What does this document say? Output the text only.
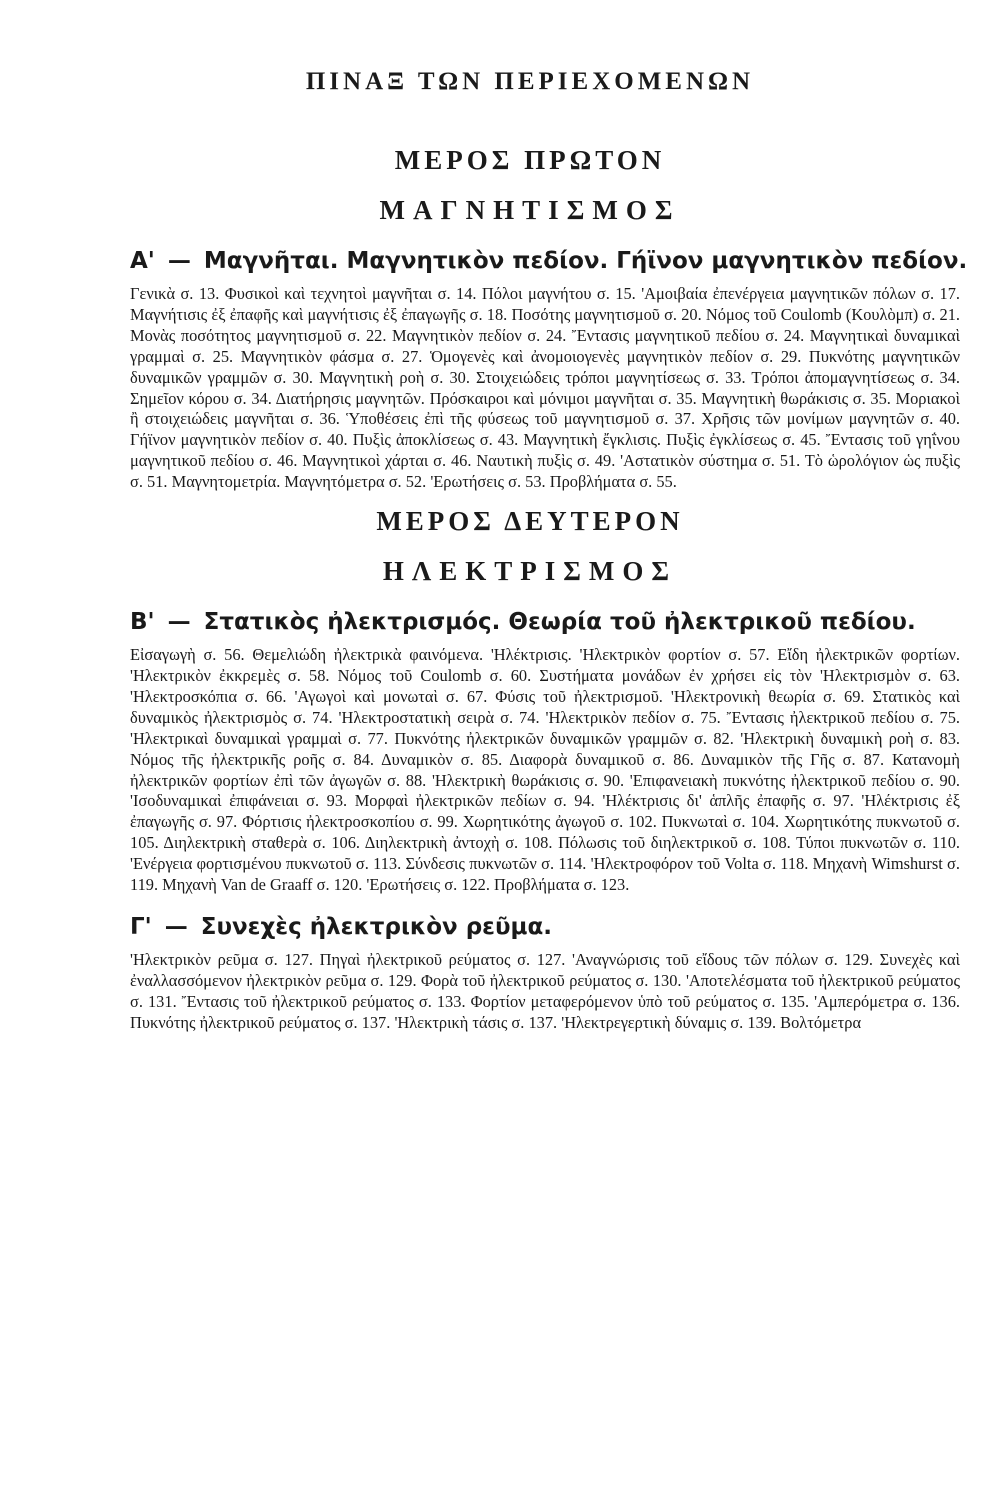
ΠΙΝΑΞ ΤΩΝ ΠΕΡΙΕΧΟΜΕΝΩΝ
ΜΕΡΟΣ ΠΡΩΤΟΝ
ΜΑΓΝΗΤΙΣΜΟΣ
Α' — Μαγνῆται. Μαγνητικὸν πεδίον. Γήϊνον μαγνητικὸν πεδίον.

Γενικὰ σ. 13. Φυσικοὶ καὶ τεχνητοὶ μαγνῆται σ. 14. Πόλοι μαγνήτου σ. 15. 'Αμοιβαία ἐπενέργεια μαγνητικῶν πόλων σ. 17. Μαγνήτισις ἐξ ἐπαφῆς καὶ μαγνήτισις ἐξ ἐπαγωγῆς σ. 18. Ποσότης μαγνητισμοῦ σ. 20. Νόμος τοῦ Coulomb (Κουλὸμπ) σ. 21. Μονὰς ποσότητος μαγνητισμοῦ σ. 22. Μαγνητικὸν πεδίον σ. 24. Ἔντασις μαγνητικοῦ πεδίου σ. 24. Μαγνητικαὶ δυναμικαὶ γραμμαὶ σ. 25. Μαγνητικὸν φάσμα σ. 27. Ὁμογενὲς καὶ ἀνομοιογενὲς μαγνητικὸν πεδίον σ. 29. Πυκνότης μαγνητικῶν δυναμικῶν γραμμῶν σ. 30. Μαγνητικὴ ροὴ σ. 30. Στοιχειώδεις τρόποι μαγνητίσεως σ. 33. Τρόποι ἀπομαγνητίσεως σ. 34. Σημεῖον κόρου σ. 34. Διατήρησις μαγνητῶν. Πρόσκαιροι καὶ μόνιμοι μαγνῆται σ. 35. Μαγνητικὴ θωράκισις σ. 35. Μοριακοὶ ἢ στοιχειώδεις μαγνῆται σ. 36. Ὑποθέσεις ἐπὶ τῆς φύσεως τοῦ μαγνητισμοῦ σ. 37. Χρῆσις τῶν μονίμων μαγνητῶν σ. 40. Γήϊνον μαγνητικὸν πεδίον σ. 40. Πυξὶς ἀποκλίσεως σ. 43. Μαγνητικὴ ἔγκλισις. Πυξὶς ἐγκλίσεως σ. 45. Ἔντασις τοῦ γηΐνου μαγνητικοῦ πεδίου σ. 46. Μαγνητικοὶ χάρται σ. 46. Ναυτικὴ πυξὶς σ. 49. 'Αστατικὸν σύστημα σ. 51. Τὸ ὡρολόγιον ὡς πυξὶς σ. 51. Μαγνητομετρία. Μαγνητόμετρα σ. 52. 'Ερωτήσεις σ. 53. Προβλήματα σ. 55.

ΜΕΡΟΣ ΔΕΥΤΕΡΟΝ
ΗΛΕΚΤΡΙΣΜΟΣ
Β' — Στατικὸς ἠλεκτρισμός. Θεωρία τοῦ ἠλεκτρικοῦ πεδίου.

Εἰσαγωγὴ σ. 56. Θεμελιώδη ἠλεκτρικὰ φαινόμενα. 'Ηλέκτρισις. 'Ηλεκτρικὸν φορτίον σ. 57. Εἴδη ἠλεκτρικῶν φορτίων. 'Ηλεκτρικὸν ἐκκρεμὲς σ. 58. Νόμος τοῦ Coulomb σ. 60. Συστήματα μονάδων ἐν χρήσει εἰς τὸν 'Ηλεκτρισμὸν σ. 63. 'Ηλεκτροσκόπια σ. 66. 'Αγωγοὶ καὶ μονωταὶ σ. 67. Φύσις τοῦ ἠλεκτρισμοῦ. 'Ηλεκτρονικὴ θεωρία σ. 69. Στατικὸς καὶ δυναμικὸς ἠλεκτρισμὸς σ. 74. 'Ηλεκτροστατικὴ σειρὰ σ. 74. 'Ηλεκτρικὸν πεδίον σ. 75. Ἔντασις ἠλεκτρικοῦ πεδίου σ. 75. 'Ηλεκτρικαὶ δυναμικαὶ γραμμαὶ σ. 77. Πυκνότης ἠλεκτρικῶν δυναμικῶν γραμμῶν σ. 82. 'Ηλεκτρικὴ δυναμικὴ ροὴ σ. 83. Νόμος τῆς ἠλεκτρικῆς ροῆς σ. 84. Δυναμικὸν σ. 85. Διαφορὰ δυναμικοῦ σ. 86. Δυναμικὸν τῆς Γῆς σ. 87. Κατανομὴ ἠλεκτρικῶν φορτίων ἐπὶ τῶν ἀγωγῶν σ. 88. 'Ηλεκτρικὴ θωράκισις σ. 90. 'Επιφανειακὴ πυκνότης ἠλεκτρικοῦ πεδίου σ. 90. 'Ισοδυναμικαὶ ἐπιφάνειαι σ. 93. Μορφαὶ ἠλεκτρικῶν πεδίων σ. 94. 'Ηλέκτρισις δι' ἁπλῆς ἐπαφῆς σ. 97. 'Ηλέκτρισις ἐξ ἐπαγωγῆς σ. 97. Φόρτισις ἠλεκτροσκοπίου σ. 99. Χωρητικότης ἀγωγοῦ σ. 102. Πυκνωταὶ σ. 104. Χωρητικότης πυκνωτοῦ σ. 105. Διηλεκτρικὴ σταθερὰ σ. 106. Διηλεκτρικὴ ἀντοχὴ σ. 108. Πόλωσις τοῦ διηλεκτρικοῦ σ. 108. Τύποι πυκνωτῶν σ. 110. 'Ενέργεια φορτισμένου πυκνωτοῦ σ. 113. Σύνδεσις πυκνωτῶν σ. 114. 'Ηλεκτροφόρον τοῦ Volta σ. 118. Μηχανὴ Wimshurst σ. 119. Μηχανὴ Van de Graaff σ. 120. 'Ερωτήσεις σ. 122. Προβλήματα σ. 123.

Γ' — Συνεχὲς ἠλεκτρικὸν ρεῦμα.

'Ηλεκτρικὸν ρεῦμα σ. 127. Πηγαὶ ἠλεκτρικοῦ ρεύματος σ. 127. 'Αναγνώρισις τοῦ εἴδους τῶν πόλων σ. 129. Συνεχὲς καὶ ἐναλλασσόμενον ἠλεκτρικὸν ρεῦμα σ. 129. Φορὰ τοῦ ἠλεκτρικοῦ ρεύματος σ. 130. 'Αποτελέσματα τοῦ ἠλεκτρικοῦ ρεύματος σ. 131. Ἔντασις τοῦ ἠλεκτρικοῦ ρεύματος σ. 133. Φορτίον μεταφερόμενον ὑπὸ τοῦ ρεύματος σ. 135. 'Αμπερόμετρα σ. 136. Πυκνότης ἠλεκτρικοῦ ρεύματος σ. 137. 'Ηλεκτρικὴ τάσις σ. 137. 'Ηλεκτρεγερτικὴ δύναμις σ. 139. Βολτόμετρα
